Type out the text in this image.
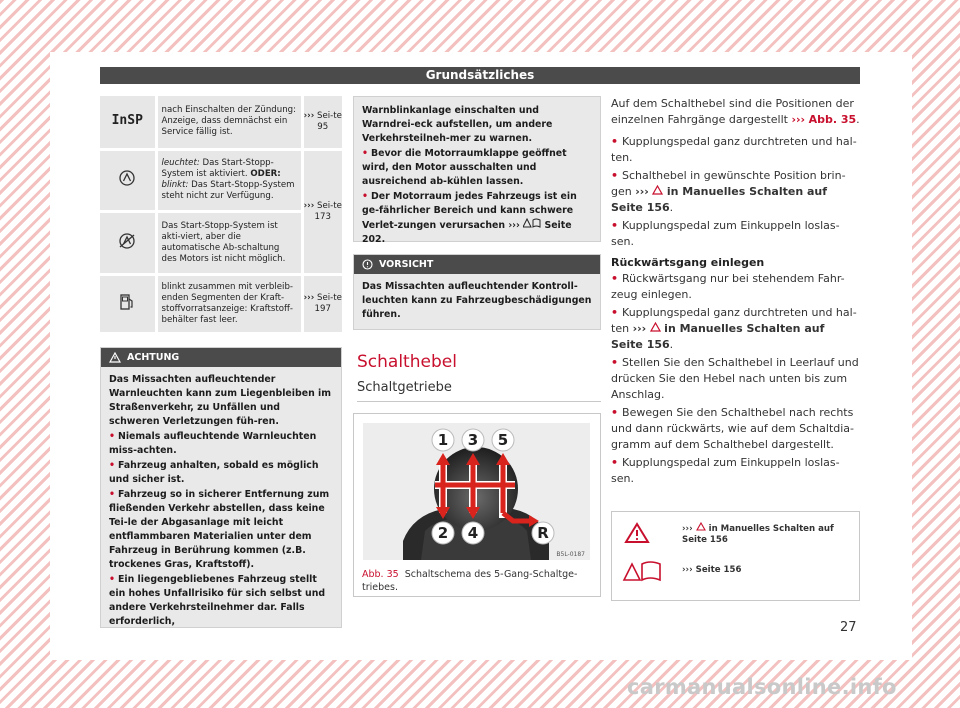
Grundsätzliches
InSP	nach Einschalten der Zündung: Anzeige, dass demnächst ein Service fällig ist.	››› Sei-te 95
	leuchtet: Das Start-Stopp-System ist aktiviert. ODER:
blinkt: Das Start-Stopp-System steht nicht zur Verfügung.	››› Sei-te 173
	Das Start-Stopp-System ist akti-viert, aber die automatische Ab-schaltung des Motors ist nicht möglich.	
	blinkt zusammen mit verbleib-enden Segmenten der Kraft-stoffvorratsanzeige: Kraftstoff-behälter fast leer.	››› Sei-te 197
ACHTUNG

Das Missachten aufleuchtender Warnleuchten kann zum Liegenbleiben im Straßenverkehr, zu Unfällen und schweren Verletzungen füh-ren.

• Niemals aufleuchtende Warnleuchten miss-achten.

• Fahrzeug anhalten, sobald es möglich und sicher ist.

• Fahrzeug so in sicherer Entfernung zum fließenden Verkehr abstellen, dass keine Tei-le der Abgasanlage mit leicht entflammbaren Materialien unter dem Fahrzeug in Berührung kommen (z.B. trockenes Gras, Kraftstoff).

• Ein liegengebliebenes Fahrzeug stellt ein hohes Unfallrisiko für sich selbst und andere Verkehrsteilnehmer dar. Falls erforderlich,

Warnblinkanlage einschalten und Warndrei-eck aufstellen, um andere Verkehrsteilneh-mer zu warnen.

• Bevor die Motorraumklappe geöffnet wird, den Motor ausschalten und ausreichend ab-kühlen lassen.

• Der Motorraum jedes Fahrzeugs ist ein ge-fährlicher Bereich und kann schwere Verlet-zungen verursachen ›››	Seite 202.

VORSICHT
Das Missachten aufleuchtender Kontroll-leuchten kann zu Fahrzeugbeschädigungen führen.
Schalthebel
Schaltgetriebe
1 3 5
2 4	R
B5L-0187
Abb. 35 Schaltschema des 5-Gang-Schaltge-triebes.

Auf dem Schalthebel sind die Positionen der einzelnen Fahrgänge dargestellt ››› Abb. 35.

• Kupplungspedal ganz durchtreten und hal-ten.
• Schalthebel in gewünschte Position brin-gen ››› in Manuelles Schalten auf Seite 156.
• Kupplungspedal zum Einkuppeln loslas-sen.
Rückwärtsgang einlegen
• Rückwärtsgang nur bei stehendem Fahr-zeug einlegen.
• Kupplungspedal ganz durchtreten und hal-ten ››› in Manuelles Schalten auf Seite 156.
• Stellen Sie den Schalthebel in Leerlauf und drücken Sie den Hebel nach unten bis zum Anschlag.
• Bewegen Sie den Schalthebel nach rechts und dann rückwärts, wie auf dem Schaltdia-gramm auf dem Schalthebel dargestellt.
• Kupplungspedal zum Einkuppeln loslas-sen.
››› in Manuelles Schalten auf
Seite 156
››› Seite 156
27
carmanualsonline.info
